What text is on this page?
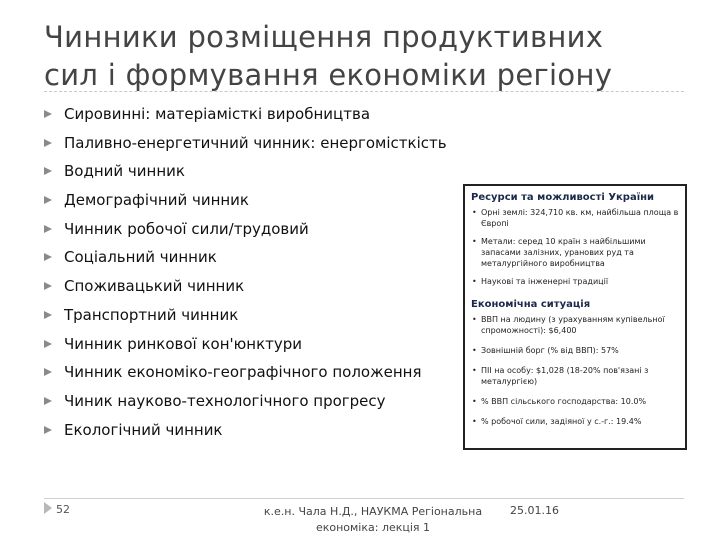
Чинники розміщення продуктивних
сил і формування економіки регіону
Сировинні: матеріамісткі виробництва
Паливно-енергетичний чинник: енергомісткість
Водний чинник
Демографічний чинник
Чинник робочої сили/трудовий
Соціальний чинник
Споживацький чинник
Транспортний чинник
Чинник ринкової кон'юнктури
Чинник економіко-географічного положення
Чиник науково-технологічного прогресу
Екологічний чинник
Ресурси та можливості України
• Орні землі: 324,710 кв. км, найбільша площа в Європі
• Метали: серед 10 країн з найбільшими запасами залізних, уранових руд та металургійного виробництва
• Наукові та інженерні традиції
Економічна ситуація
• ВВП на людину (з урахуванням купівельної спроможності): $6,400
• Зовнішній борг (% від ВВП): 57%
• ПІІ на особу: $1,028 (18-20% пов'язані з металургією)
• % ВВП сільського господарства: 10.0%
• % робочої сили, задіяної у с.-г.: 19.4%
52	к.е.н. Чала Н.Д., НАУКМА Регіональна
економіка: лекція 1
25.01.16
